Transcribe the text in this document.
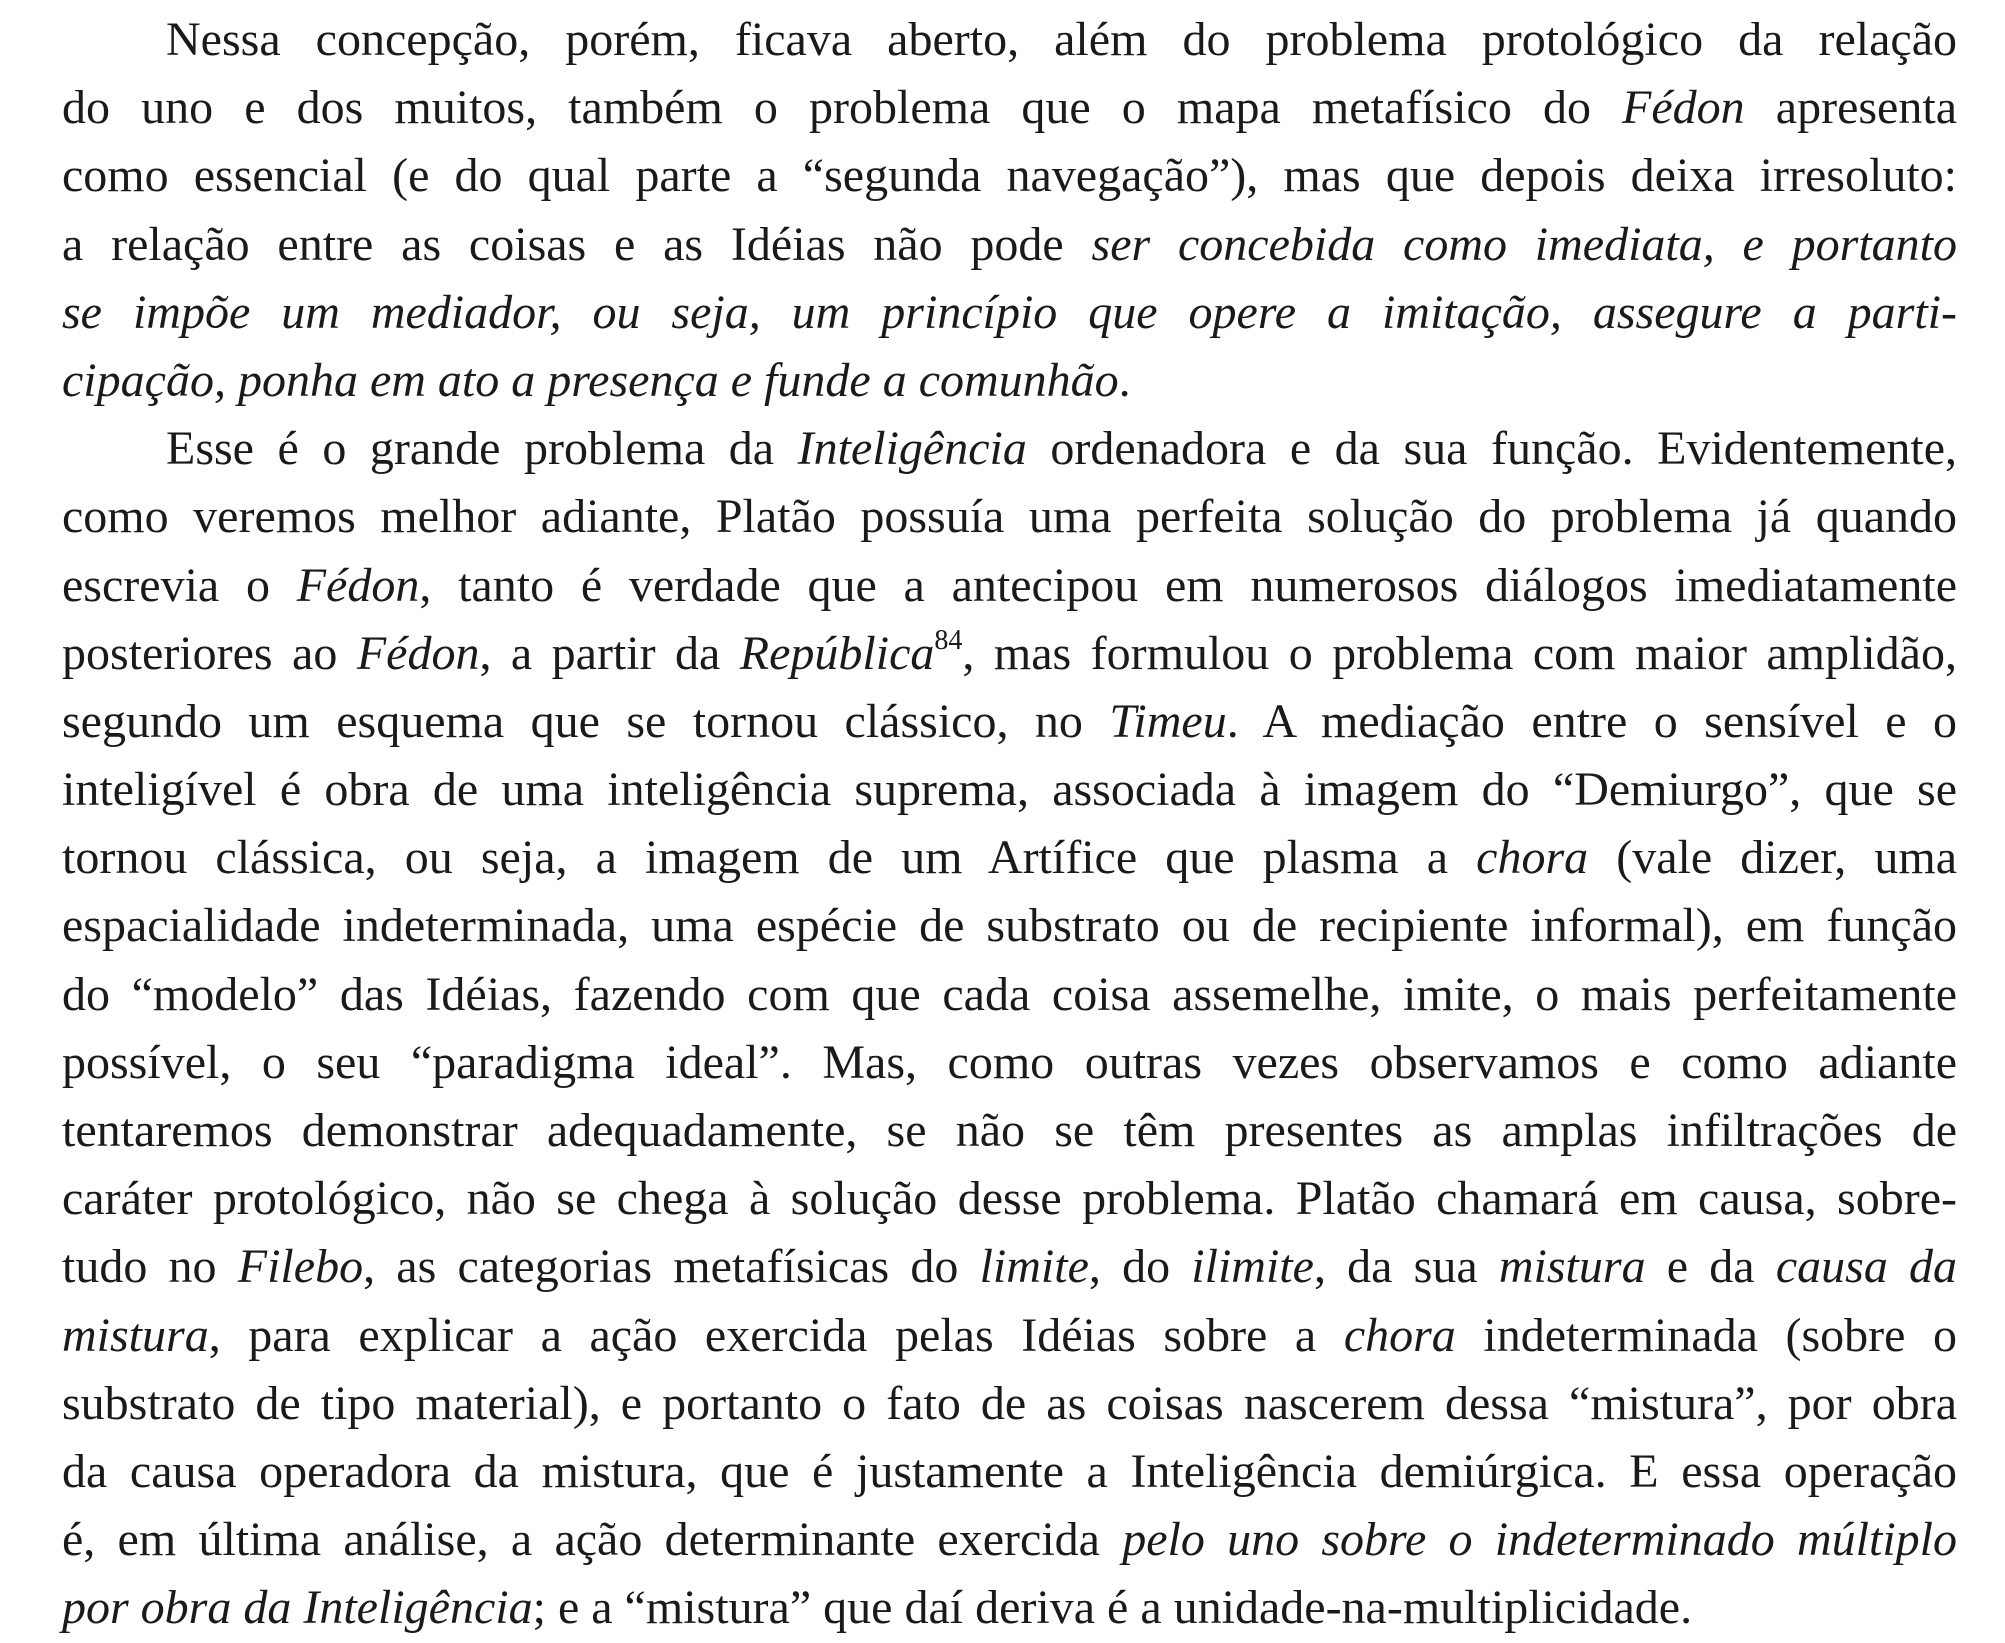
Nessa concepção, porém, ficava aberto, além do problema protológico da relação
do uno e dos muitos, também o problema que o mapa metafísico do Fédon apresenta
como essencial (e do qual parte a “segunda navegação”), mas que depois deixa irresoluto:
a relação entre as coisas e as Idéias não pode ser concebida como imediata, e portanto
se impõe um mediador, ou seja, um princípio que opere a imitação, assegure a parti-
cipação, ponha em ato a presença e funde a comunhão.
Esse é o grande problema da Inteligência ordenadora e da sua função. Evidentemente,
como veremos melhor adiante, Platão possuía uma perfeita solução do problema já quando
escrevia o Fédon, tanto é verdade que a antecipou em numerosos diálogos imediatamente
posteriores ao Fédon, a partir da República$^{84}$, mas formulou o problema com maior amplidão,
segundo um esquema que se tornou clássico, no Timeu. A mediação entre o sensível e o
inteligível é obra de uma inteligência suprema, associada à imagem do “Demiurgo”, que se
tornou clássica, ou seja, a imagem de um Artífice que plasma a chora (vale dizer, uma
espacialidade indeterminada, uma espécie de substrato ou de recipiente informal), em função
do “modelo” das Idéias, fazendo com que cada coisa assemelhe, imite, o mais perfeitamente
possível, o seu “paradigma ideal”. Mas, como outras vezes observamos e como adiante
tentaremos demonstrar adequadamente, se não se têm presentes as amplas infiltrações de
caráter protológico, não se chega à solução desse problema. Platão chamará em causa, sobre-
tudo no Filebo, as categorias metafísicas do limite, do ilimite, da sua mistura e da causa da
mistura, para explicar a ação exercida pelas Idéias sobre a chora indeterminada (sobre o
substrato de tipo material), e portanto o fato de as coisas nascerem dessa “mistura”, por obra
da causa operadora da mistura, que é justamente a Inteligência demiúrgica. E essa operação
é, em última análise, a ação determinante exercida pelo uno sobre o indeterminado múltiplo
por obra da Inteligência; e a “mistura” que daí deriva é a unidade-na-multiplicidade.
